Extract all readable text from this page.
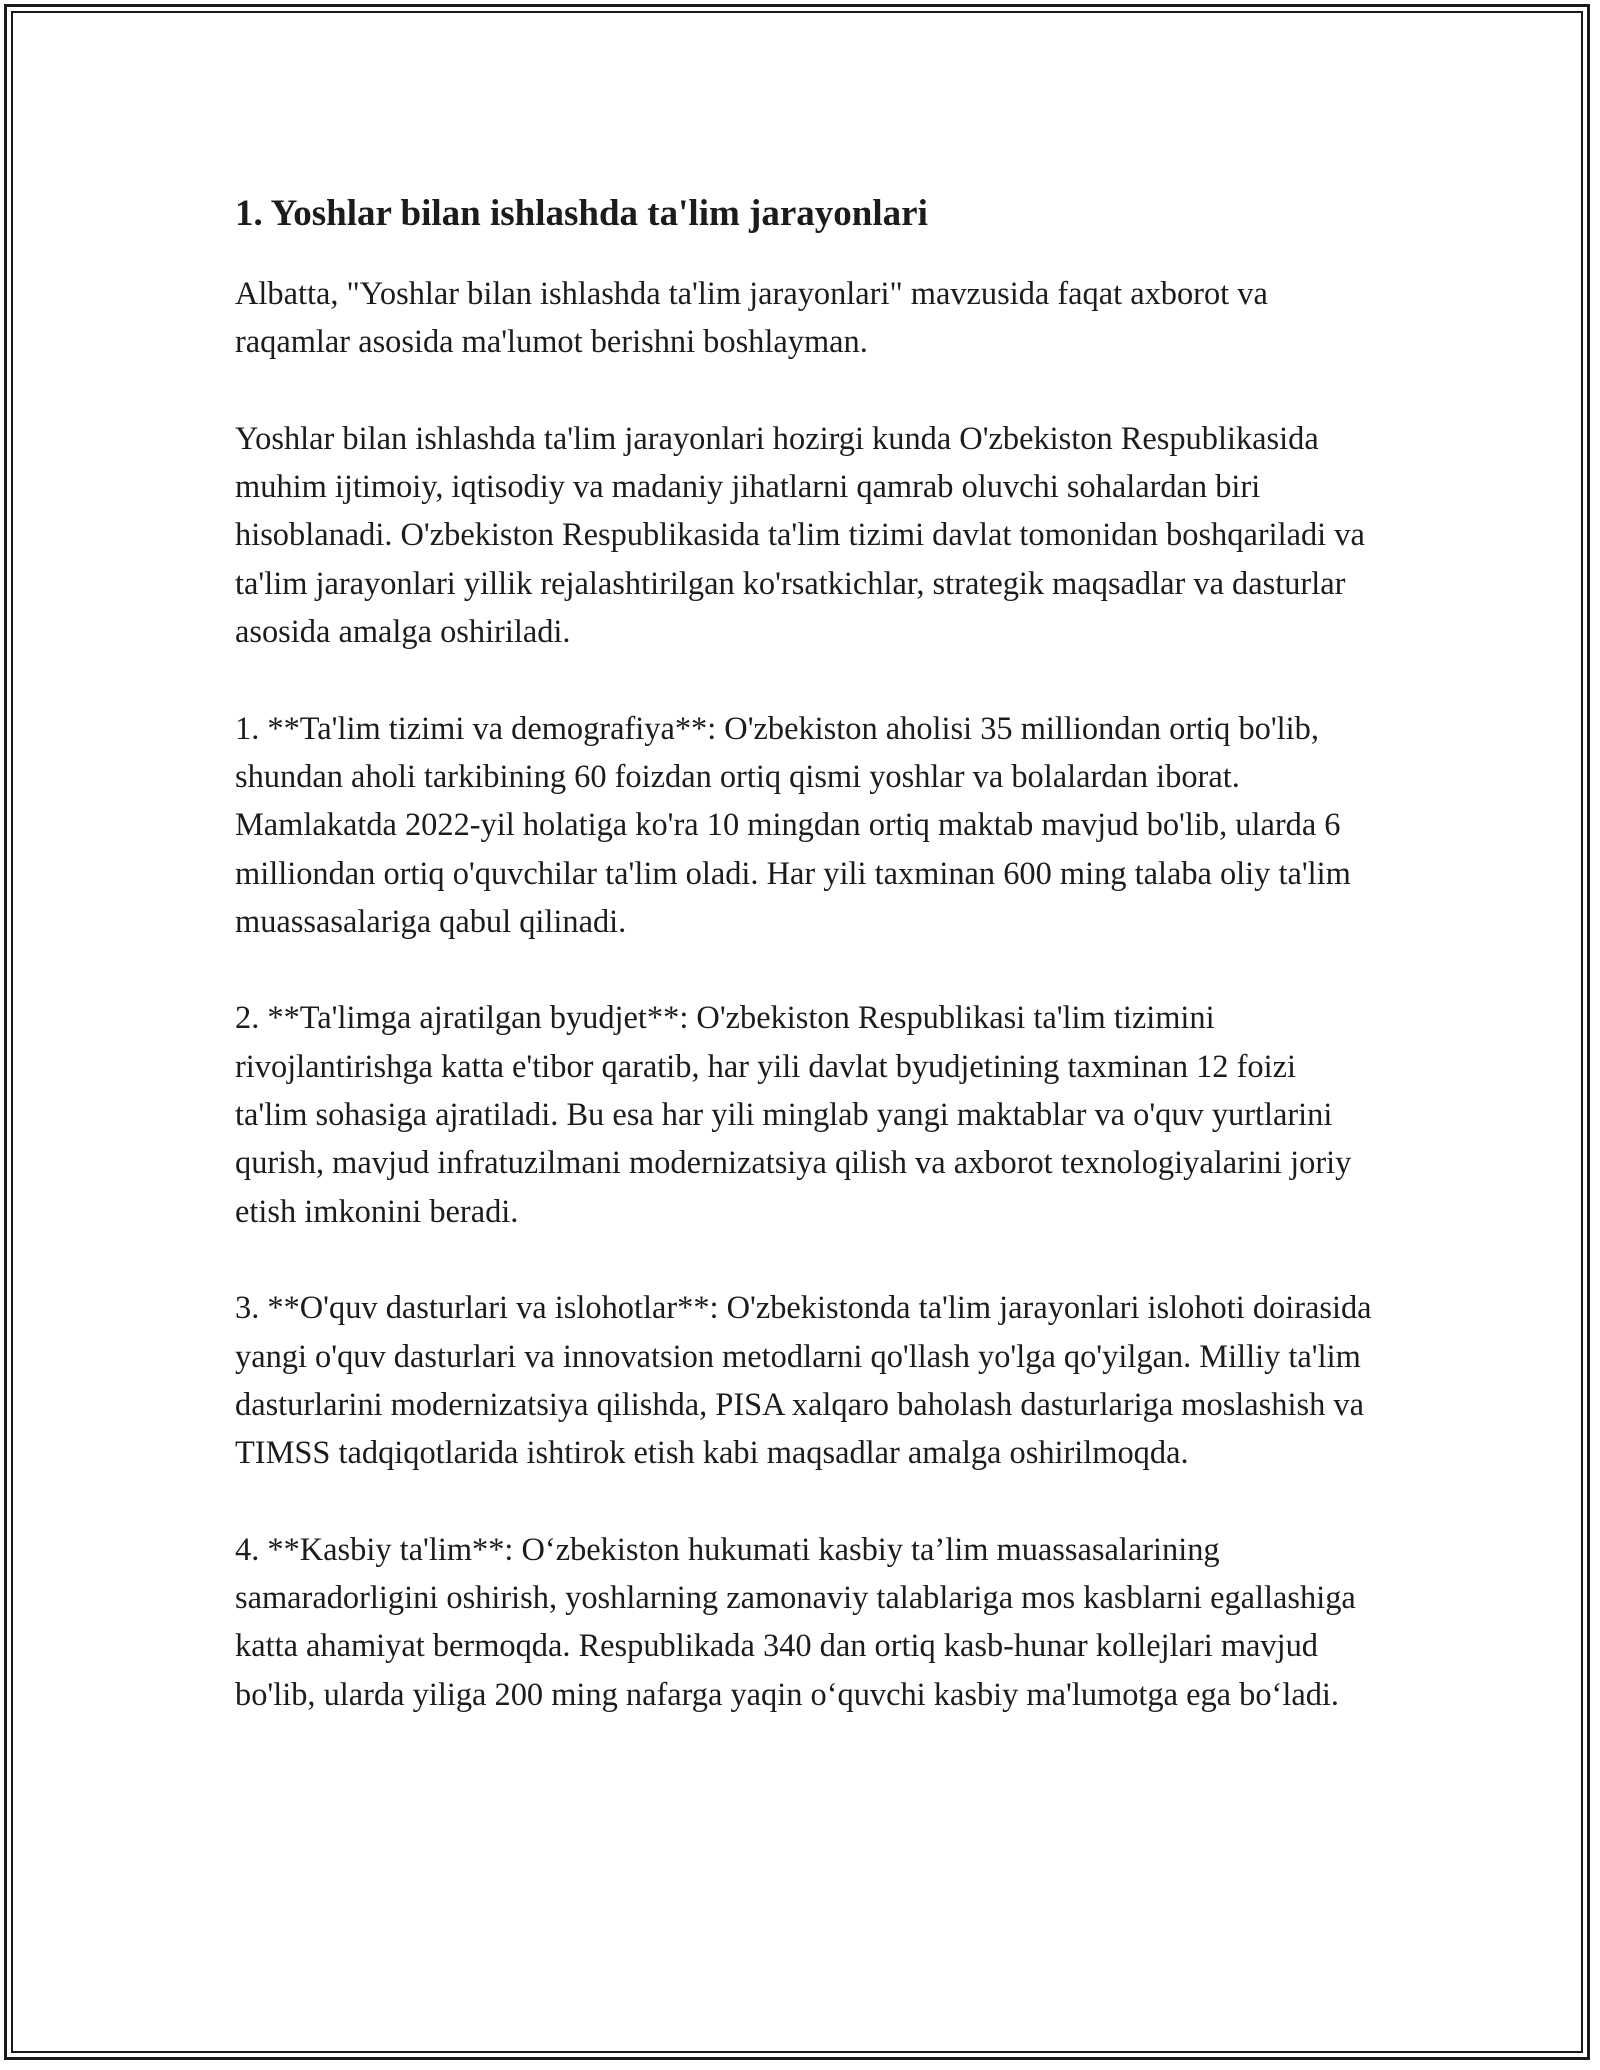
1. Yoshlar bilan ishlashda ta'lim jarayonlari

Albatta, "Yoshlar bilan ishlashda ta'lim jarayonlari" mavzusida faqat axborot va raqamlar asosida ma'lumot berishni boshlayman.

Yoshlar bilan ishlashda ta'lim jarayonlari hozirgi kunda O'zbekiston Respublikasida muhim ijtimoiy, iqtisodiy va madaniy jihatlarni qamrab oluvchi sohalardan biri hisoblanadi. O'zbekiston Respublikasida ta'lim tizimi davlat tomonidan boshqariladi va ta'lim jarayonlari yillik rejalashtirilgan ko'rsatkichlar, strategik maqsadlar va dasturlar asosida amalga oshiriladi.

1. **Ta'lim tizimi va demografiya**: O'zbekiston aholisi 35 milliondan ortiq bo'lib, shundan aholi tarkibining 60 foizdan ortiq qismi yoshlar va bolalardan iborat. Mamlakatda 2022-yil holatiga ko'ra 10 mingdan ortiq maktab mavjud bo'lib, ularda 6 milliondan ortiq o'quvchilar ta'lim oladi. Har yili taxminan 600 ming talaba oliy ta'lim muassasalariga qabul qilinadi.

2. **Ta'limga ajratilgan byudjet**: O'zbekiston Respublikasi ta'lim tizimini rivojlantirishga katta e'tibor qaratib, har yili davlat byudjetining taxminan 12 foizi ta'lim sohasiga ajratiladi. Bu esa har yili minglab yangi maktablar va o'quv yurtlarini qurish, mavjud infratuzilmani modernizatsiya qilish va axborot texnologiyalarini joriy etish imkonini beradi.

3. **O'quv dasturlari va islohotlar**: O'zbekistonda ta'lim jarayonlari islohoti doirasida yangi o'quv dasturlari va innovatsion metodlarni qo'llash yo'lga qo'yilgan. Milliy ta'lim dasturlarini modernizatsiya qilishda, PISA xalqaro baholash dasturlariga moslashish va TIMSS tadqiqotlarida ishtirok etish kabi maqsadlar amalga oshirilmoqda.

4. **Kasbiy ta'lim**: O‘zbekiston hukumati kasbiy ta’lim muassasalarining samaradorligini oshirish, yoshlarning zamonaviy talablariga mos kasblarni egallashiga katta ahamiyat bermoqda. Respublikada 340 dan ortiq kasb-hunar kollejlari mavjud bo'lib, ularda yiliga 200 ming nafarga yaqin o‘quvchi kasbiy ma'lumotga ega bo‘ladi.
